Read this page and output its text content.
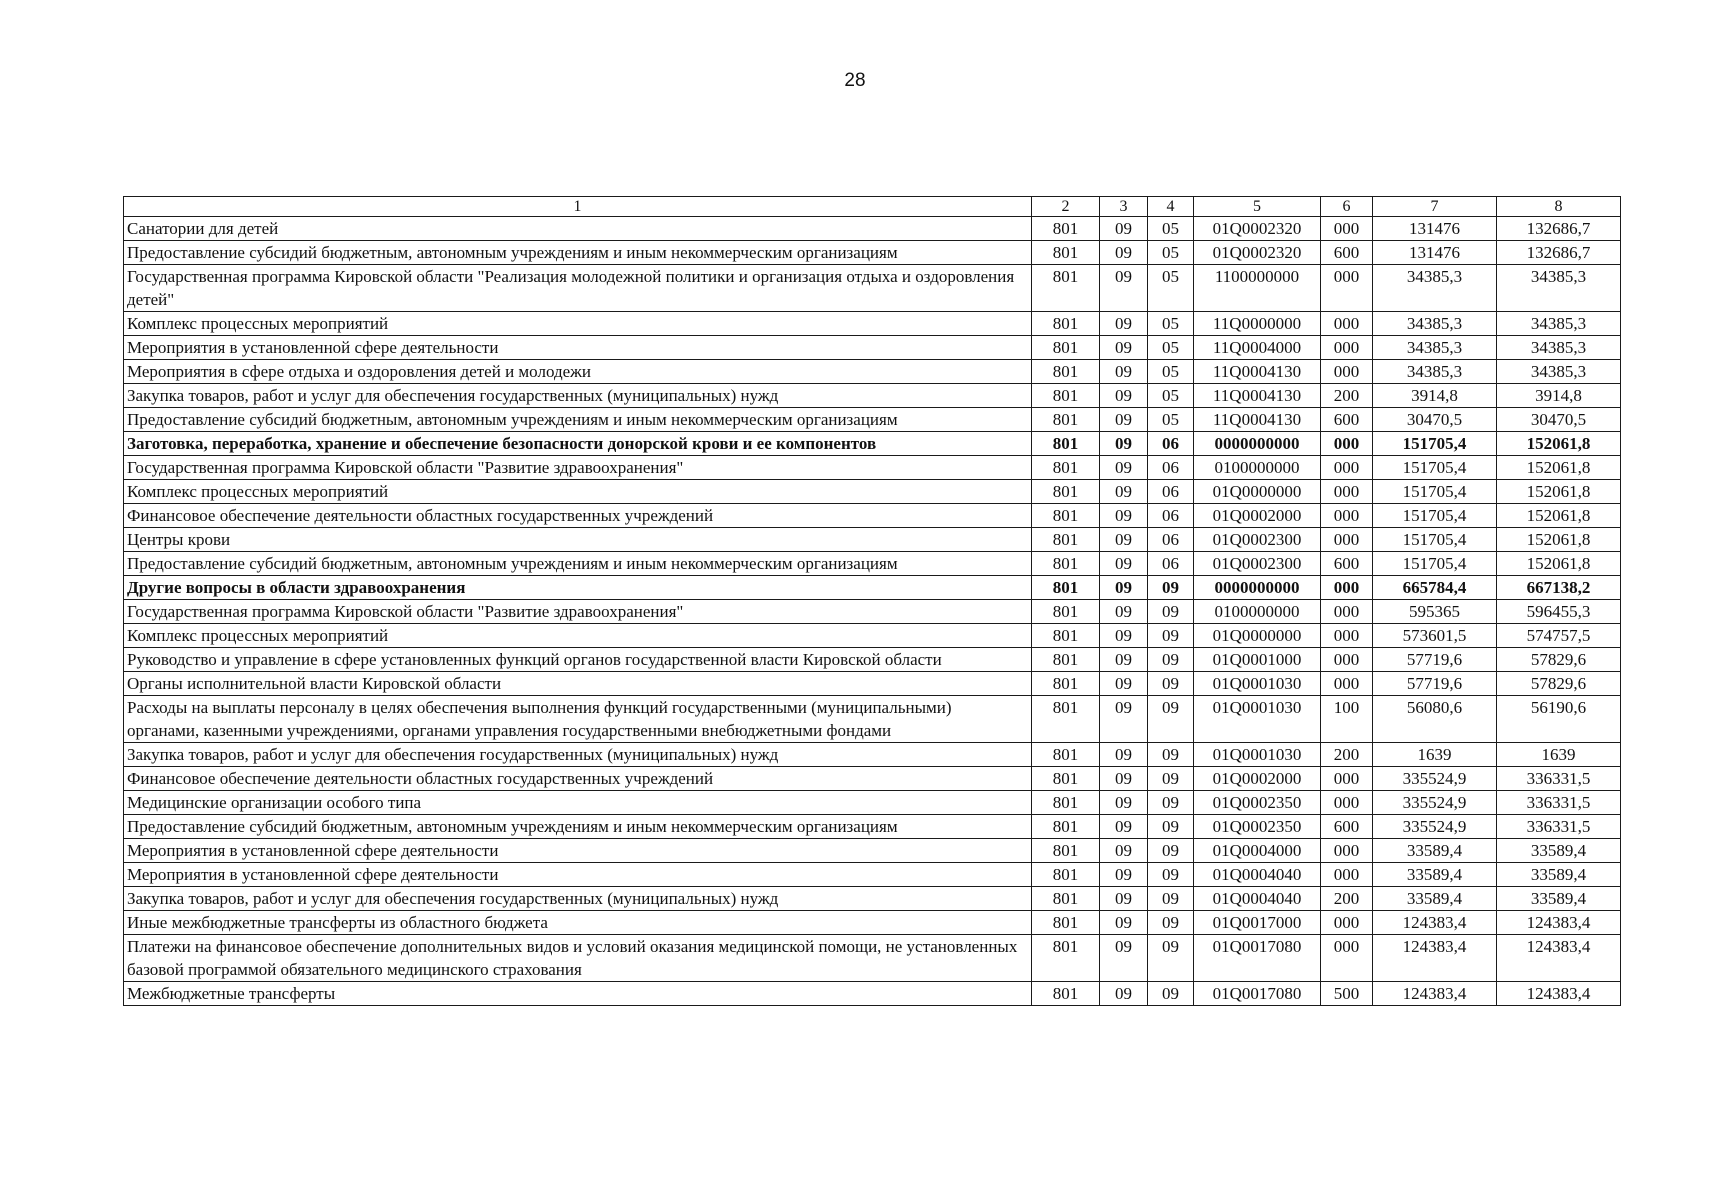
28
1	2	3	4	5	6	7	8
Санатории для детей	801	09	05	01Q0002320	000	131476	132686,7
Предоставление субсидий бюджетным, автономным учреждениям и иным некоммерческим организациям	801	09	05	01Q0002320	600	131476	132686,7
Государственная программа Кировской области "Реализация молодежной политики и организация отдыха и оздоровления детей"	801	09	05	1100000000	000	34385,3	34385,3
Комплекс процессных мероприятий	801	09	05	11Q0000000	000	34385,3	34385,3
Мероприятия в установленной сфере деятельности	801	09	05	11Q0004000	000	34385,3	34385,3
Мероприятия в сфере отдыха и оздоровления детей и молодежи	801	09	05	11Q0004130	000	34385,3	34385,3
Закупка товаров, работ и услуг для обеспечения государственных (муниципальных) нужд	801	09	05	11Q0004130	200	3914,8	3914,8
Предоставление субсидий бюджетным, автономным учреждениям и иным некоммерческим организациям	801	09	05	11Q0004130	600	30470,5	30470,5
Заготовка, переработка, хранение и обеспечение безопасности донорской крови и ее компонентов	801	09	06	0000000000	000	151705,4	152061,8
Государственная программа Кировской области "Развитие здравоохранения"	801	09	06	0100000000	000	151705,4	152061,8
Комплекс процессных мероприятий	801	09	06	01Q0000000	000	151705,4	152061,8
Финансовое обеспечение деятельности областных государственных учреждений	801	09	06	01Q0002000	000	151705,4	152061,8
Центры крови	801	09	06	01Q0002300	000	151705,4	152061,8
Предоставление субсидий бюджетным, автономным учреждениям и иным некоммерческим организациям	801	09	06	01Q0002300	600	151705,4	152061,8
Другие вопросы в области здравоохранения	801	09	09	0000000000	000	665784,4	667138,2
Государственная программа Кировской области "Развитие здравоохранения"	801	09	09	0100000000	000	595365	596455,3
Комплекс процессных мероприятий	801	09	09	01Q0000000	000	573601,5	574757,5
Руководство и управление в сфере установленных функций органов государственной власти Кировской области	801	09	09	01Q0001000	000	57719,6	57829,6
Органы исполнительной власти Кировской области	801	09	09	01Q0001030	000	57719,6	57829,6
Расходы на выплаты персоналу в целях обеспечения выполнения функций государственными (муниципальными) органами, казенными учреждениями, органами управления государственными внебюджетными фондами	801	09	09	01Q0001030	100	56080,6	56190,6
Закупка товаров, работ и услуг для обеспечения государственных (муниципальных) нужд	801	09	09	01Q0001030	200	1639	1639
Финансовое обеспечение деятельности областных государственных учреждений	801	09	09	01Q0002000	000	335524,9	336331,5
Медицинские организации особого типа	801	09	09	01Q0002350	000	335524,9	336331,5
Предоставление субсидий бюджетным, автономным учреждениям и иным некоммерческим организациям	801	09	09	01Q0002350	600	335524,9	336331,5
Мероприятия в установленной сфере деятельности	801	09	09	01Q0004000	000	33589,4	33589,4
Мероприятия в установленной сфере деятельности	801	09	09	01Q0004040	000	33589,4	33589,4
Закупка товаров, работ и услуг для обеспечения государственных (муниципальных) нужд	801	09	09	01Q0004040	200	33589,4	33589,4
Иные межбюджетные трансферты из областного бюджета	801	09	09	01Q0017000	000	124383,4	124383,4
Платежи на финансовое обеспечение дополнительных видов и условий оказания медицинской помощи, не установленных базовой программой обязательного медицинского страхования	801	09	09	01Q0017080	000	124383,4	124383,4
Межбюджетные трансферты	801	09	09	01Q0017080	500	124383,4	124383,4
